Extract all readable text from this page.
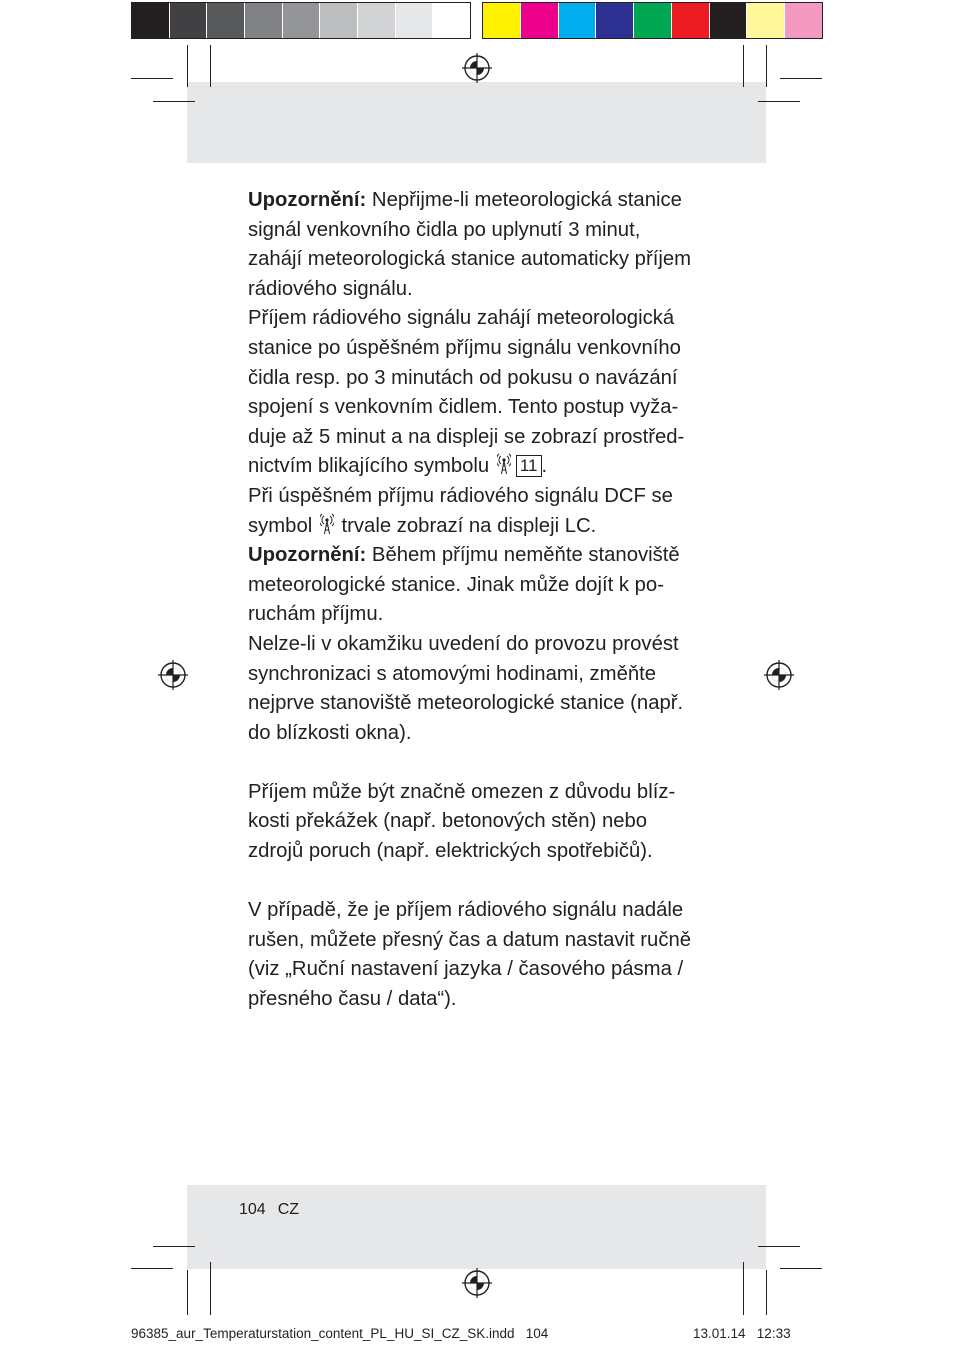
Upozornění: Nepřijme-li meteorologická stanice

signál venkovního čidla po uplynutí 3 minut,

zahájí meteorologická stanice automaticky příjem

rádiového signálu.

Příjem rádiového signálu zahájí meteorologická

stanice po úspěšném příjmu signálu venkovního

čidla resp. po 3 minutách od pokusu o navázání

spojení s venkovním čidlem. Tento postup vyža-

duje až 5 minut a na displeji se zobrazí prostřed-

nictvím blikajícího symbolu 11 .

Při úspěšném příjmu rádiového signálu DCF se

symbol trvale zobrazí na displeji LC.

Upozornění: Během příjmu neměňte stanoviště

meteorologické stanice. Jinak může dojít k po-

ruchám příjmu.

Nelze-li v okamžiku uvedení do provozu provést

synchronizaci s atomovými hodinami, změňte

nejprve stanoviště meteorologické stanice (např.

do blízkosti okna).

Příjem může být značně omezen z důvodu blíz-

kosti překážek (např. betonových stěn) nebo

zdrojů poruch (např. elektrických spotřebičů).

V případě, že je příjem rádiového signálu nadále

rušen, můžete přesný čas a datum nastavit ručně

(viz „Ruční nastavení jazyka / časového pásma /

přesného času / data“).

104 CZ
96385_aur_Temperaturstation_content_PL_HU_SI_CZ_SK.indd   104	13.01.14   12:33
